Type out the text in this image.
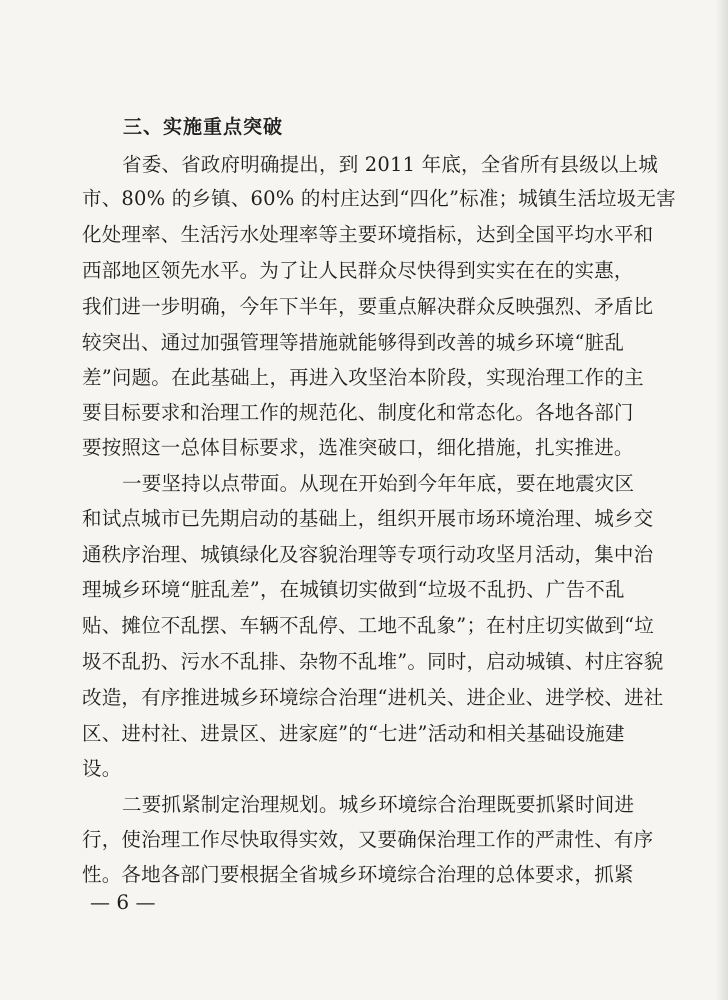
三、实施重点突破
省委、省政府明确提出，到 2011 年底，全省所有县级以上城
市、80% 的乡镇、60% 的村庄达到“四化”标准；城镇生活垃圾无害
化处理率、生活污水处理率等主要环境指标，达到全国平均水平和
西部地区领先水平。为了让人民群众尽快得到实实在在的实惠，
我们进一步明确，今年下半年，要重点解决群众反映强烈、矛盾比
较突出、通过加强管理等措施就能够得到改善的城乡环境“脏乱
差”问题。在此基础上，再进入攻坚治本阶段，实现治理工作的主
要目标要求和治理工作的规范化、制度化和常态化。各地各部门
要按照这一总体目标要求，选准突破口，细化措施，扎实推进。
一要坚持以点带面。从现在开始到今年年底，要在地震灾区
和试点城市已先期启动的基础上，组织开展市场环境治理、城乡交
通秩序治理、城镇绿化及容貌治理等专项行动攻坚月活动，集中治
理城乡环境“脏乱差”，在城镇切实做到“垃圾不乱扔、广告不乱
贴、摊位不乱摆、车辆不乱停、工地不乱象”；在村庄切实做到“垃
圾不乱扔、污水不乱排、杂物不乱堆”。同时，启动城镇、村庄容貌
改造，有序推进城乡环境综合治理“进机关、进企业、进学校、进社
区、进村社、进景区、进家庭”的“七进”活动和相关基础设施建
设。
二要抓紧制定治理规划。城乡环境综合治理既要抓紧时间进
行，使治理工作尽快取得实效，又要确保治理工作的严肃性、有序
性。各地各部门要根据全省城乡环境综合治理的总体要求，抓紧
— 6 —
